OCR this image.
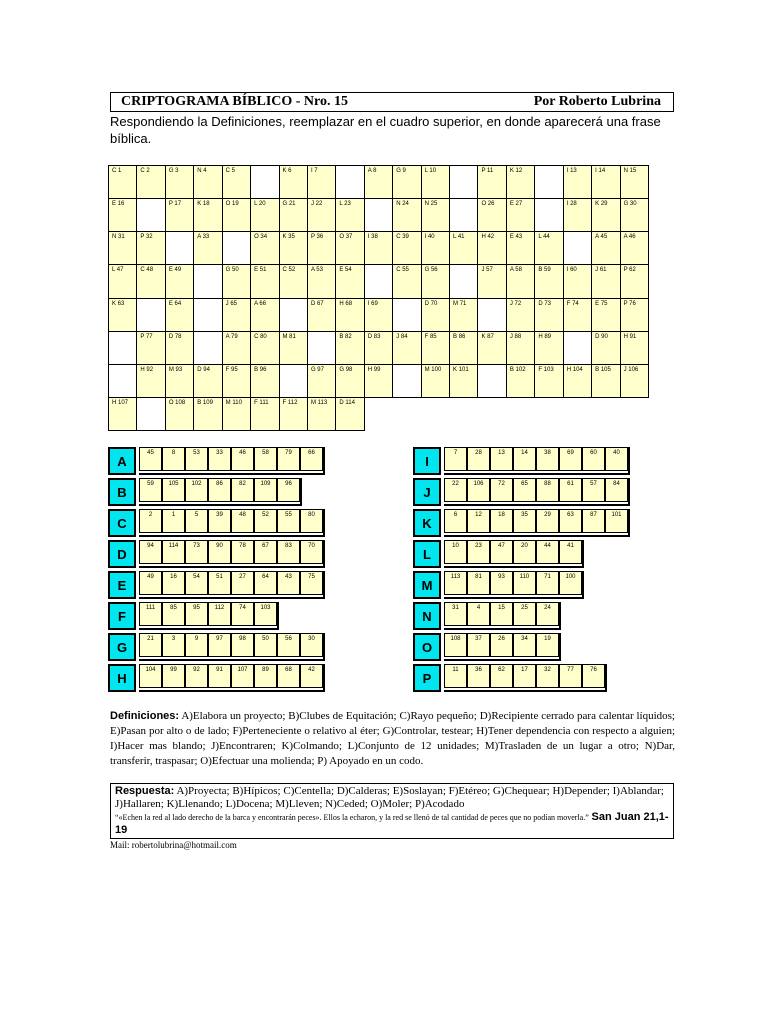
CRIPTOGRAMA BÍBLICO - Nro. 15	Por Roberto Lubrina
Respondiendo la Definiciones, reemplazar en el cuadro superior, en donde aparecerá una frase bíblica.
C 1	C 2	G 3	N 4	C 5	K 6	I 7	A 8	G 9	L 10	P 11	K 12	I 13	I 14	N 15
E 16	P 17	K 18	O 19	L 20	G 21	J 22	L 23	N 24	N 25	O 26	E 27	I 28	K 29	G 30
N 31	P 32	A 33	O 34	K 35	P 36	O 37	I 38	C 39	I 40	L 41	H 42	E 43	L 44	A 45	A 46
L 47	C 48	E 49	G 50	E 51	C 52	A 53	E 54	C 55	G 56	J 57	A 58	B 59	I 60	J 61	P 62
K 63	E 64	J 65	A 66	D 67	H 68	I 69	D 70	M 71	J 72	D 73	F 74	E 75	P 76
P 77	D 78	A 79	C 80	M 81	B 82	D 83	J 84	F 85	B 86	K 87	J 88	H 89	D 90	H 91
H 92	M 93	D 94	F 95	B 96	G 97	G 98	H 99	M 100	K 101	B 102	F 103	H 104	B 105	J 106
H 107	O 108	B 109	M 110	F 111	F 112	M 113	D 114
A
45	8	53	33	46	58	79	66
B
59	105	102	86	82	109	96
C
2	1	5	39	48	52	55	80
D
94	114	73	90	78	67	83	70
E
49	16	54	51	27	64	43	75
F
111	85	95	112	74	103
G
21	3	9	97	98	50	56	30
H
104	99	92	91	107	89	68	42
I
7	28	13	14	38	69	60	40
J
22	106	72	65	88	61	57	84
K
6	12	18	35	29	63	87	101
L
10	23	47	20	44	41
M
113	81	93	110	71	100
N
31	4	15	25	24
O
108	37	26	34	19
P
11	36	62	17	32	77	76
Definiciones: A)Elabora un proyecto; B)Clubes de Equitación; C)Rayo pequeño; D)Recipiente cerrado para calentar líquidos; E)Pasan por alto o de lado; F)Perteneciente o relativo al éter; G)Controlar, testear; H)Tener dependencia con respecto a alguien; I)Hacer mas blando; J)Encontraren; K)Colmando; L)Conjunto de 12 unidades; M)Trasladen de un lugar a otro; N)Dar, transferir, traspasar; O)Efectuar una molienda; P) Apoyado en un codo.
Respuesta: A)Proyecta; B)Hípicos; C)Centella; D)Calderas; E)Soslayan; F)Etéreo; G)Chequear; H)Depender; I)Ablandar; J)Hallaren; K)Llenando; L)Docena; M)Lleven; N)Ceded; O)Moler; P)Acodado
“«Echen la red al lado derecho de la barca y encontrarán peces». Ellos la echaron, y la red se llenó de tal cantidad de peces que no podían moverla.” San Juan 21,1-19
Mail: robertolubrina@hotmail.com
